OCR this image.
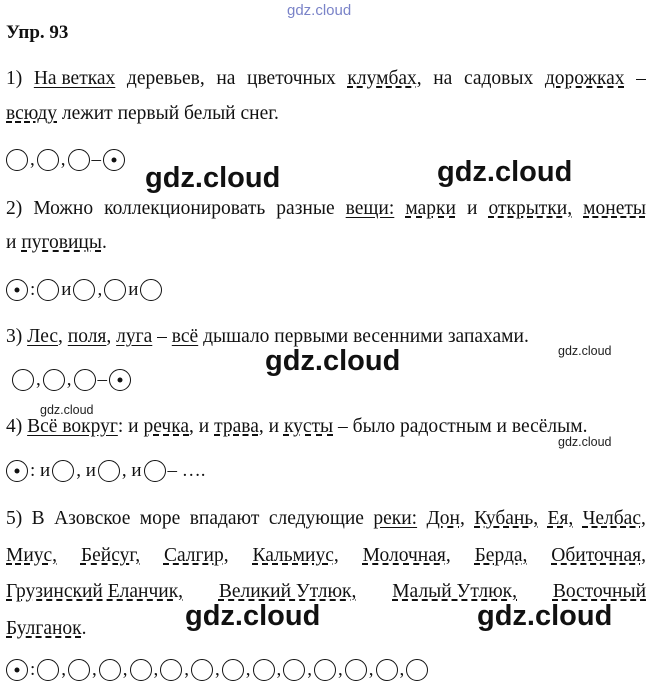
gdz.cloud
Упр. 93
1) На ветках деревьев, на цветочных клумбах, на садовых дорожках –
всюду лежит первый белый снег.
, , –
gdz.cloud	gdz.cloud
2) Можно коллекционировать разные вещи: марки и открытки, монеты
и пуговицы.
: и , и
3) Лес, поля, луга – всё дышало первыми весенними запахами.
gdz.cloud
, , –
gdz.cloud
gdz.cloud
4) Всё вокруг: и речка, и трава, и кусты – было радостным и весёлым.
gdz.cloud
: и , и , и – ….
5) В Азовское море впадают следующие реки: Дон, Кубань, Ея, Челбас,
Миус, Бейсуг, Салгир, Кальмиус, Молочная, Берда, Обиточная,
Грузинский Еланчик, Великий Утлюк, Малый Утлюк, Восточный
Булганок.	gdz.cloud	gdz.cloud
: , , , , , , , , , , , ,
